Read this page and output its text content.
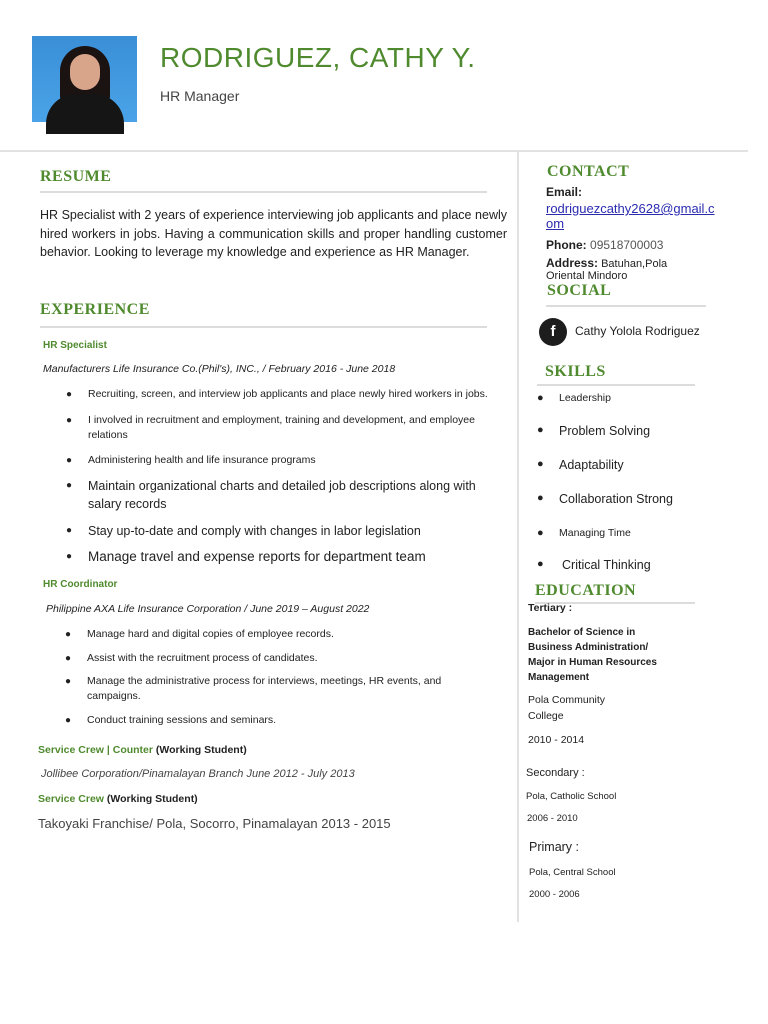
RODRIGUEZ, CATHY Y.
HR Manager
RESUME
HR Specialist with 2 years of experience interviewing job applicants and place newly hired workers in jobs. Having a communication skills and proper handling customer behavior. Looking to leverage my knowledge and experience as HR Manager.
EXPERIENCE
HR Specialist
Manufacturers Life Insurance Co.(Phil's), INC., / February 2016 - June 2018
● Recruiting, screen, and interview job applicants and place newly hired workers in jobs.
● I involved in recruitment and employment, training and development, and employee relations
● Administering health and life insurance programs
● Maintain organizational charts and detailed job descriptions along with salary records
● Stay up-to-date and comply with changes in labor legislation
● Manage travel and expense reports for department team
HR Coordinator
Philippine AXA Life Insurance Corporation / June 2019 – August 2022
● Manage hard and digital copies of employee records.
● Assist with the recruitment process of candidates.
● Manage the administrative process for interviews, meetings, HR events, and campaigns.
● Conduct training sessions and seminars.
Service Crew | Counter (Working Student)
Jollibee Corporation/Pinamalayan Branch June 2012 - July 2013
Service Crew (Working Student)
Takoyaki Franchise/ Pola, Socorro, Pinamalayan 2013 - 2015
CONTACT
Email:
rodriguezcathy2628@gmail.c
om
Phone: 09518700003
Address: Batuhan,Pola
Oriental Mindoro
SOCIAL
f	Cathy Yolola Rodriguez
SKILLS
● Leadership
● Problem Solving
● Adaptability
● Collaboration Strong
● Managing Time
● Critical Thinking
EDUCATION
Tertiary :
Bachelor of Science in
Business Administration/
Major in Human Resources
Management
Pola Community
College
2010 - 2014
Secondary :
Pola, Catholic School
2006 - 2010
Primary :
Pola, Central School
2000 - 2006
